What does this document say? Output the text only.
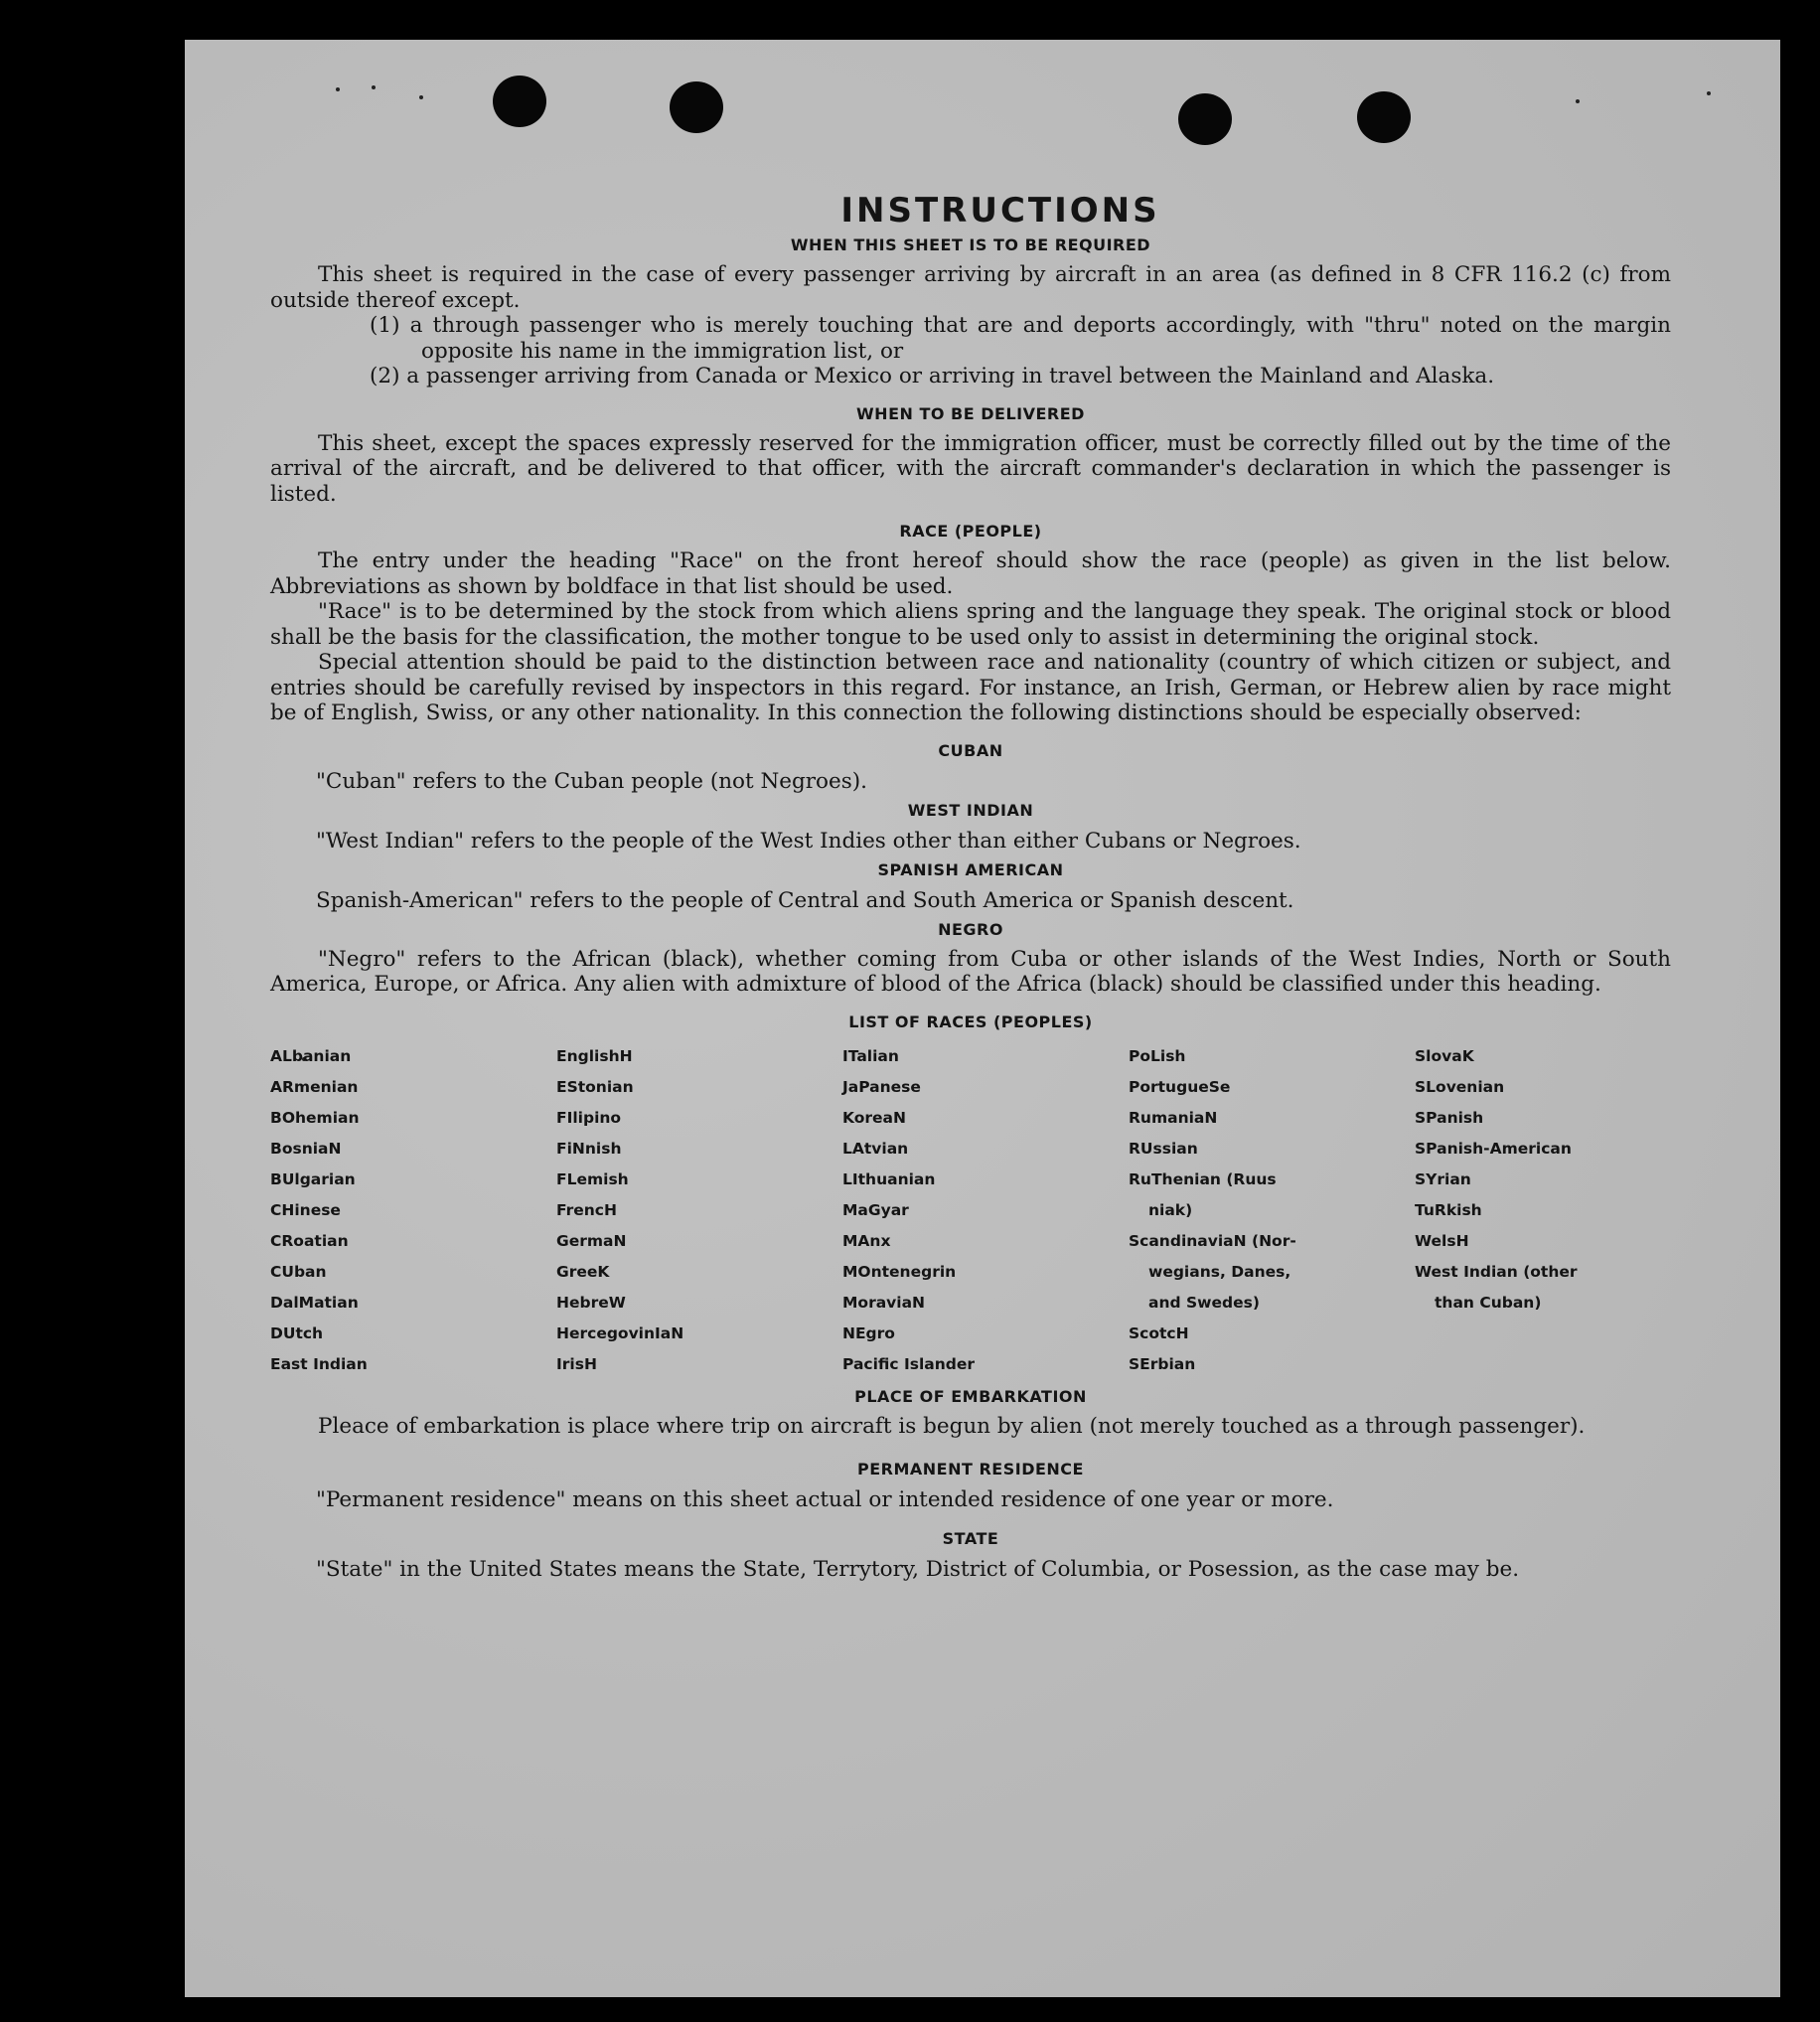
INSTRUCTIONS
WHEN THIS SHEET IS TO BE REQUIRED

This sheet is required in the case of every passenger arriving by aircraft in an area (as defined in 8 CFR 116.2 (c) from outside thereof except.

(1) a through passenger who is merely touching that are and deports accordingly, with "thru" noted on the margin opposite his name in the immigration list, or

(2) a passenger arriving from Canada or Mexico or arriving in travel between the Mainland and Alaska.

WHEN TO BE DELIVERED

This sheet, except the spaces expressly reserved for the immigration officer, must be correctly filled out by the time of the arrival of the aircraft, and be delivered to that officer, with the aircraft commander's declaration in which the passenger is listed.

RACE (PEOPLE)

The entry under the heading "Race" on the front hereof should show the race (people) as given in the list below. Abbreviations as shown by boldface in that list should be used.

"Race" is to be determined by the stock from which aliens spring and the language they speak. The original stock or blood shall be the basis for the classification, the mother tongue to be used only to assist in determining the original stock.

Special attention should be paid to the distinction between race and nationality (country of which citizen or subject, and entries should be carefully revised by inspectors in this regard. For instance, an Irish, German, or Hebrew alien by race might be of English, Swiss, or any other nationality. In this connection the following distinctions should be especially observed:

CUBAN
"Cuban" refers to the Cuban people (not Negroes).
WEST INDIAN
"West Indian" refers to the people of the West Indies other than either Cubans or Negroes.
SPANISH AMERICAN
Spanish-American" refers to the people of Central and South America or Spanish descent.
NEGRO

"Negro" refers to the African (black), whether coming from Cuba or other islands of the West Indies, North or South America, Europe, or Africa. Any alien with admixture of blood of the Africa (black) should be classified under this heading.

LIST OF RACES (PEOPLES)
ALbanian
ARmenian
BOhemian
BosniaN
BUlgarian
CHinese
CRoatian
CUban
DalMatian
DUtch
East Indian
EnglishH
EStonian
FIlipino
FiNnish
FLemish
FrencH
GermaN
GreeK
HebreW
HercegovinIaN
IrisH
ITalian
JaPanese
KoreaN
LAtvian
LIthuanian
MaGyar
MAnx
MOntenegrin
MoraviaN
NEgro
Pacific Islander
PoLish
PortugueSe
RumaniaN
RUssian
RuThenian (Ruus
niak)
ScandinaviaN (Nor-
wegians, Danes,
and Swedes)
ScotcH
SErbian
SlovaK
SLovenian
SPanish
SPanish-American
SYrian
TuRkish
WelsH
West Indian (other
than Cuban)
PLACE OF EMBARKATION

Pleace of embarkation is place where trip on aircraft is begun by alien (not merely touched as a through passenger).

PERMANENT RESIDENCE
"Permanent residence" means on this sheet actual or intended residence of one year or more.
STATE
"State" in the United States means the State, Terrytory, District of Columbia, or Posession, as the case may be.
